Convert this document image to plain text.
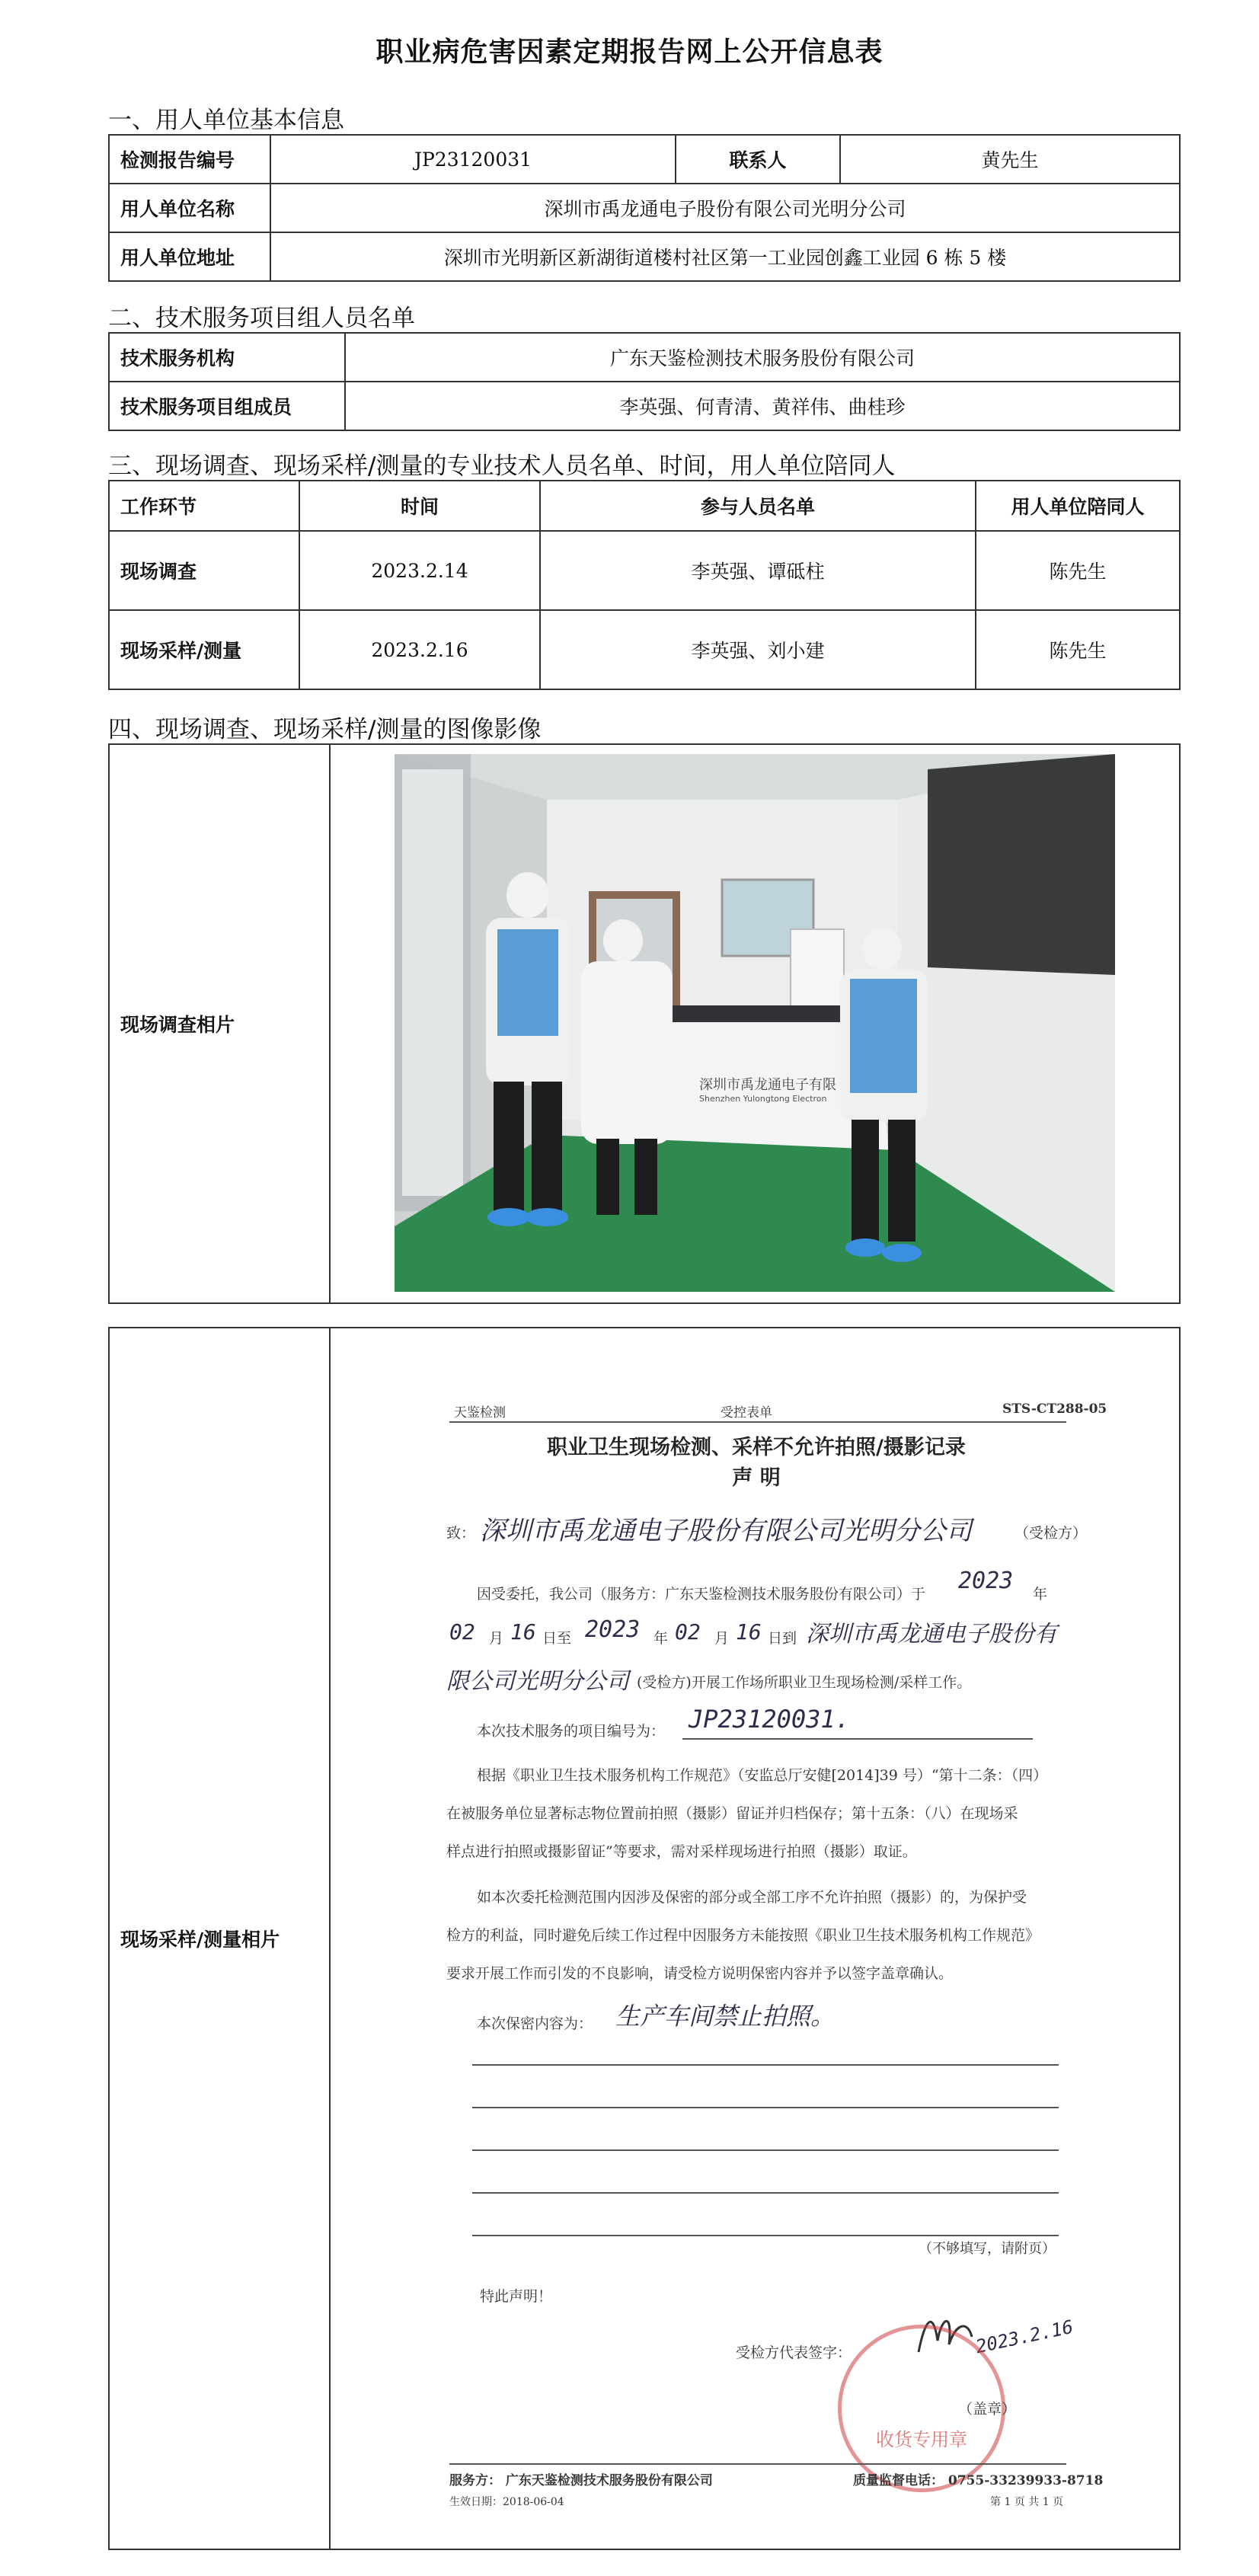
职业病危害因素定期报告网上公开信息表
一、用人单位基本信息
检测报告编号	JP23120031	联系人	黄先生
用人单位名称	深圳市禹龙通电子股份有限公司光明分公司		
用人单位地址	深圳市光明新区新湖街道楼村社区第一工业园创鑫工业园 6 栋 5 楼		
二、技术服务项目组人员名单
技术服务机构	广东天鉴检测技术服务股份有限公司
技术服务项目组成员	李英强、何青清、黄祥伟、曲桂珍
三、现场调查、现场采样/测量的专业技术人员名单、时间，用人单位陪同人
工作环节	时间	参与人员名单	用人单位陪同人
现场调查	2023.2.14	李英强、谭砥柱	陈先生
现场采样/测量	2023.2.16	李英强、刘小建	陈先生
四、现场调查、现场采样/测量的图像影像
现场调查相片	
现场采样/测量相片	
深圳市禹龙通电子有限
Shenzhen Yulongtong Electron
天鉴检测	受控表单	STS-CT288-05
职业卫生现场检测、采样不允许拍照/摄影记录
声 明
致： 深圳市禹龙通电子股份有限公司光明分公司	（受检方）
因受委托，我公司（服务方：广东天鉴检测技术服务股份有限公司）于 2023 年
02 月 16 日至 2023 年 02 月 16 日到 深圳市禹龙通电子股份有
限公司光明分公司 (受检方)开展工作场所职业卫生现场检测/采样工作。
本次技术服务的项目编号为： JP23120031.
根据《职业卫生技术服务机构工作规范》（安监总厅安健[2014]39 号）“第十二条：（四）
在被服务单位显著标志物位置前拍照（摄影）留证并归档保存；第十五条：（八）在现场采
样点进行拍照或摄影留证”等要求，需对采样现场进行拍照（摄影）取证。
如本次委托检测范围内因涉及保密的部分或全部工序不允许拍照（摄影）的，为保护受
检方的利益，同时避免后续工作过程中因服务方未能按照《职业卫生技术服务机构工作规范》
要求开展工作而引发的不良影响，请受检方说明保密内容并予以签字盖章确认。
本次保密内容为： 生产车间禁止拍照。
（不够填写，请附页）
特此声明！
受检方代表签字：	2023.2.16
收货专用章
（盖章）
服务方： 广东天鉴检测技术服务股份有限公司	质量监督电话： 0755-33239933-8718
生效日期：2018-06-04	第 1 页 共 1 页
